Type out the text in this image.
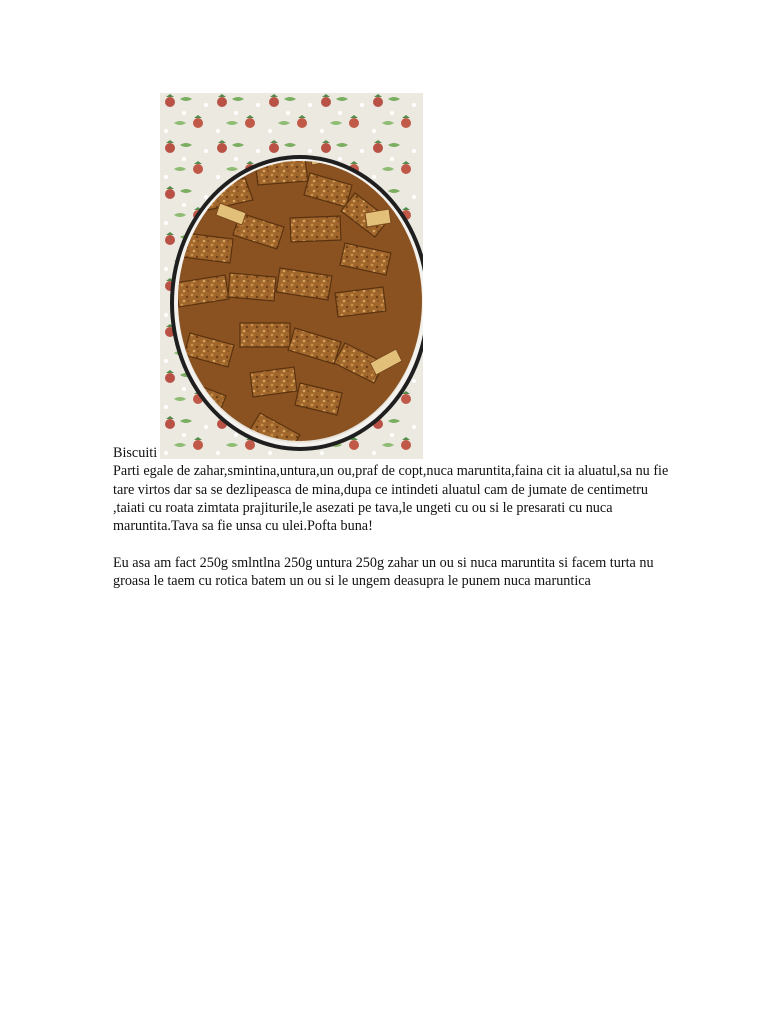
Biscuiti

Parti egale de zahar,smintina,untura,un ou,praf de copt,nuca maruntita,faina cit ia aluatul,sa nu fie tare virtos dar sa se dezlipeasca de mina,dupa ce intindeti aluatul cam de jumate de centimetru ,taiati cu roata zimtata prajiturile,le asezati pe tava,le ungeti cu ou si le presarati cu nuca maruntita.Tava sa fie unsa cu ulei.Pofta buna!

Eu asa am fact 250g smlntlna 250g untura 250g zahar un ou si nuca maruntita si facem turta nu groasa le taem cu rotica batem un ou si le ungem deasupra le punem nuca maruntica
